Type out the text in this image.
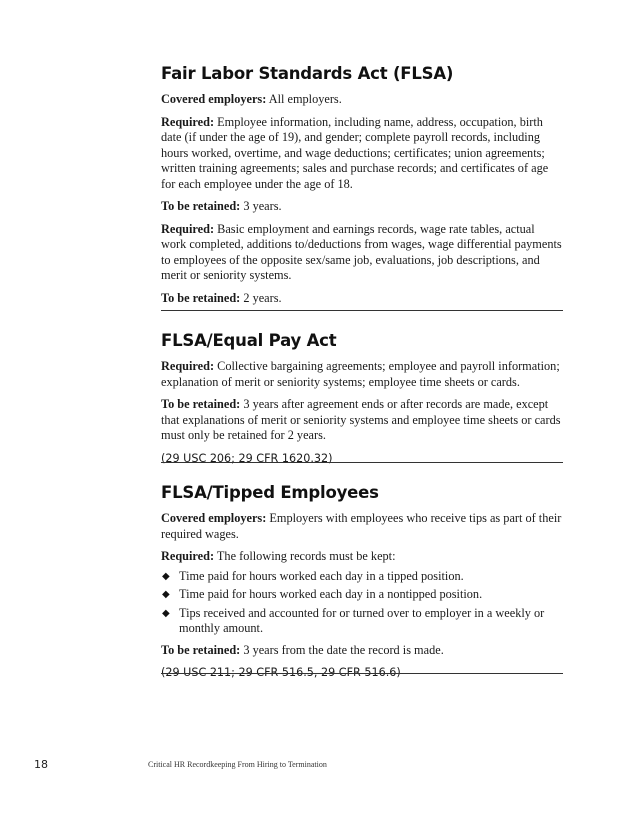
Fair Labor Standards Act (FLSA)

Covered employers: All employers.

Required: Employee information, including name, address, occupation, birth date (if under the age of 19), and gender; complete payroll records, including hours worked, overtime, and wage deductions; certificates; union agreements; written training agreements; sales and purchase records; and certificates of age for each employee under the age of 18.

To be retained: 3 years.

Required: Basic employment and earnings records, wage rate tables, actual work completed, additions to/deductions from wages, wage differential payments to employees of the opposite sex/same job, evaluations, job descriptions, and merit or seniority systems.

To be retained: 2 years.

FLSA/Equal Pay Act

Required: Collective bargaining agreements; employee and payroll information; explanation of merit or seniority systems; employee time sheets or cards.

To be retained: 3 years after agreement ends or after records are made, except that explanations of merit or seniority systems and employee time sheets or cards must only be retained for 2 years.

(29 USC 206; 29 CFR 1620.32)

FLSA/Tipped Employees

Covered employers: Employers with employees who receive tips as part of their required wages.

Required: The following records must be kept:

◆ Time paid for hours worked each day in a tipped position.
◆ Time paid for hours worked each day in a nontipped position.
◆ Tips received and accounted for or turned over to employer in a weekly or monthly amount.

To be retained: 3 years from the date the record is made.

(29 USC 211; 29 CFR 516.5, 29 CFR 516.6)

18	Critical HR Recordkeeping From Hiring to Termination
